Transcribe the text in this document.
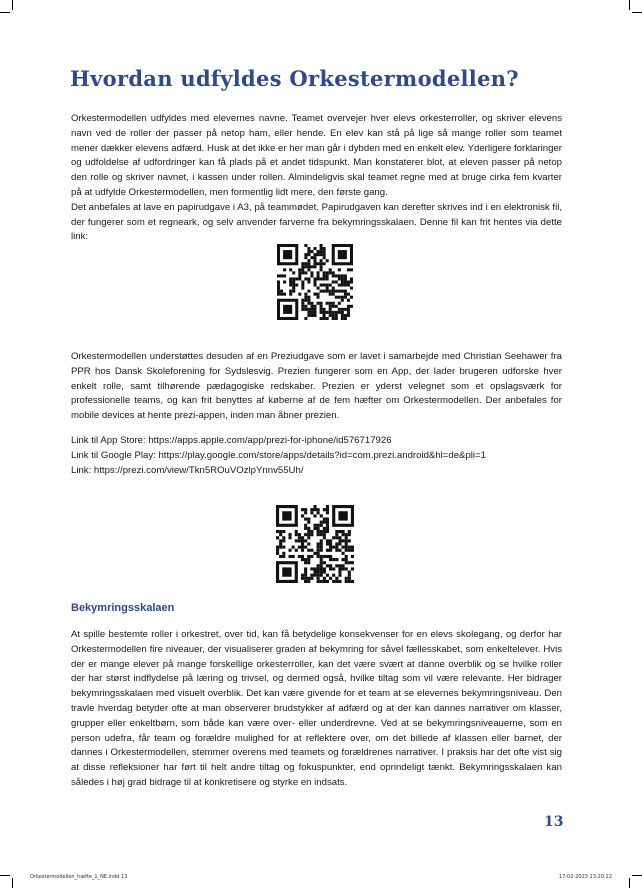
Hvordan udfyldes Orkestermodellen?

Orkestermodellen udfyldes med elevernes navne. Teamet overvejer hver elevs orkesterroller, og skriver elevens navn ved de roller der passer på netop ham, eller hende. En elev kan stå på lige så mange roller som teamet mener dækker elevens adfærd. Husk at det ikke er her man går i dybden med en enkelt elev. Yderligere forklaringer og udfoldelse af udfordringer kan få plads på et andet tidspunkt. Man konstaterer blot, at eleven passer på netop den rolle og skriver navnet, i kassen under rollen. Almindeligvis skal teamet regne med at bruge cirka fem kvarter på at udfylde Orkestermodellen, men formentlig lidt mere, den første gang.

Det anbefales at lave en papirudgave i A3, på teammødet. Papirudgaven kan derefter skrives ind i en elektronisk fil, der fungerer som et regneark, og selv anvender farverne fra bekymringsskalaen. Denne fil kan frit hentes via dette link:

Orkestermodellen understøttes desuden af en Preziudgave som er lavet i samarbejde med Christian Seehawer fra PPR hos Dansk Skoleforening for Sydslesvig. Prezien fungerer som en App, der lader brugeren udforske hver enkelt rolle, samt tilhørende pædagogiske redskaber. Prezien er yderst velegnet som et opslagsværk for professionelle teams, og kan frit benyttes af køberne af de fem hæfter om Orkestermodellen. Der anbefales for mobile devices at hente prezi-appen, inden man åbner prezien.

Link til App Store: https://apps.apple.com/app/prezi-for-iphone/id576717926
Link til Google Play: https://play.google.com/store/apps/details?id=com.prezi.android&hl=de&pli=1
Link: https://prezi.com/view/Tkn5ROuVOzlpYnnv55Uh/
Bekymringsskalaen

At spille bestemte roller i orkestret, over tid, kan få betydelige konsekvenser for en elevs skolegang, og derfor har Orkestermodellen fire niveauer, der visualiserer graden af bekymring for såvel fællesskabet, som enkeltelever. Hvis der er mange elever på mange forskellige orkesterroller, kan det være svært at danne overblik og se hvilke roller der har størst indflydelse på læring og trivsel, og dermed også, hvilke tiltag som vil være relevante. Her bidrager bekymringsskalaen med visuelt overblik. Det kan være givende for et team at se elevernes bekymringsniveau. Den travle hverdag betyder ofte at man observerer brudstykker af adfærd og at der kan dannes narrativer om klasser, grupper eller enkeltbørn, som både kan være over- eller underdrevne. Ved at se bekymringsniveauerne, som en person udefra, får team og forældre mulighed for at reflektere over, om det billede af klassen eller barnet, der dannes i Orkestermodellen, stemmer overens med teamets og forældrenes narrativer. I praksis har det ofte vist sig at disse refleksioner har ført til helt andre tiltag og fokuspunkter, end oprindeligt tænkt. Bekymringsskalaen kan således i høj grad bidrage til at konkretisere og styrke en indsats.

13
Orkestermodellen_hæfte_1_NE.indd 13	17-02-2023 13:20:22
